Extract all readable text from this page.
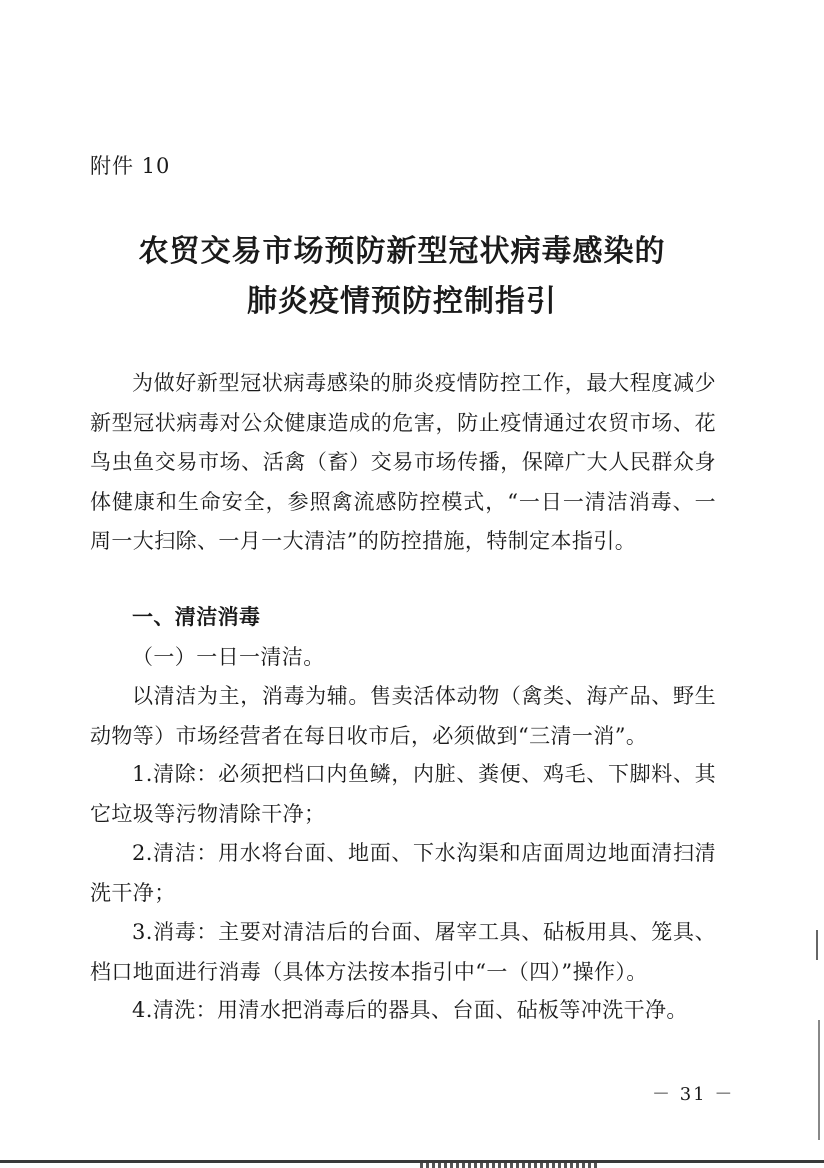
附件 10
农贸交易市场预防新型冠状病毒感染的
肺炎疫情预防控制指引
为做好新型冠状病毒感染的肺炎疫情防控工作，最大程度减少新型冠状病毒对公众健康造成的危害，防止疫情通过农贸市场、花鸟虫鱼交易市场、活禽（畜）交易市场传播，保障广大人民群众身体健康和生命安全，参照禽流感防控模式，“一日一清洁消毒、一周一大扫除、一月一大清洁”的防控措施，特制定本指引。
一、清洁消毒
（一）一日一清洁。
以清洁为主，消毒为辅。售卖活体动物（禽类、海产品、野生动物等）市场经营者在每日收市后，必须做到“三清一消”。
1.清除：必须把档口内鱼鳞，内脏、粪便、鸡毛、下脚料、其它垃圾等污物清除干净；
2.清洁：用水将台面、地面、下水沟渠和店面周边地面清扫清洗干净；
3.消毒：主要对清洁后的台面、屠宰工具、砧板用具、笼具、档口地面进行消毒（具体方法按本指引中“一（四）”操作）。
4.清洗：用清水把消毒后的器具、台面、砧板等冲洗干净。
－ 31 －
